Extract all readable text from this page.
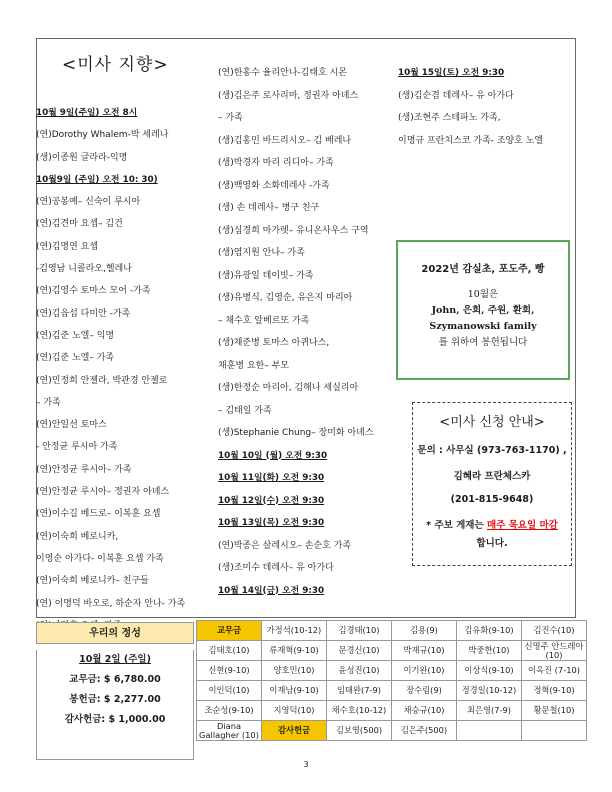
<미사 지향>
10월 9일(주일) 오전 8시
(연)Dorothy Whalem-박 세레나
(생)이종원 글라라-익명
10월9일 (주일) 오전 10: 30)
(연)공봉예– 신숙이 루시아
(연)김견마 요셉– 김건
(연)김명연 요셉
-김영남 니콜라오,헬레나
(연)김영수 토마스 모어 -가족
(연)김읍섭 다미안 -가족
(연)김준 노엘– 익명
(연)김준 노엘– 가족
(연)민정희 안젤라, 박관경 안젤로
– 가족
(연)안일선 토마스
- 안정균 루시아 가족
(연)안정균 루시아– 가족
(연)안정균 루시아– 정권자 아녜스
(연)이수길 베드로– 이복훈 요셉
(연)이숙희 베로니카,
이영순 아가다- 이복훈 요셉 가족
(연)이숙희 베로니카– 친구들
(연) 이명덕 바오로, 하순자 안나- 가족
(연)한홍수 율리안나-김태호 시몬
(생)김은주 로사리마, 정권자 아녜스
– 가족
(생)김홍민 바드리시오– 김 베레나
(생)박경자 마리 리디아– 가족
(생)백영화 소화데레사 -가족
(생) 손 데레사– 병구 친구
(생)심경희 마가렛– 유니온사우스 구역
(생)염지원 안나– 가족
(생)유광일 데이빗– 가족
(생)유병식, 김영순, 유은지 마리아
– 채수호 알베르또 가족
(생)채준병 토마스 아퀴나스,
채훈병 요한– 부모
(생)한정순 마리아, 김해나 세실리아
– 김태일 가족
(생)Stephanie Chung– 장미화 아녜스
10월 10일 (월) 오전 9:30
10월 11일(화) 오전 9:30
10월 12일(수) 오전 9:30
10월 13일(목) 오전 9:30
(연)박종은 살레시오– 손순호 가족
(생)조미수 데레사– 유 아가다
10월 14일(금) 오전 9:30
10월 15일(토) 오전 9:30
(생)김순겸 데레사– 유 아가다
(생)조현주 스테파노 가족,
이명규 프란치스코 가족- 조양호 노엘
2022년 감실초, 포도주, 빵
10월은
John, 은희, 주원, 환희,
Szymanowski family
를 위하여 봉헌됩니다
<미사 신청 안내>
문의 : 사무실 (973-763-1170) ,
김혜라 프란체스카
(201-815-9648)
* 주보 게재는 매주 목요일 마감
합니다.
우리의 정성
10월 2일 (주일)
교무금: $ 6,780.00
봉헌금: $ 2,277.00
감사헌금: $ 1,000.00
교무금	가정석(10-12)	김경태(10)	김용(9)	김유화(9-10)	김진수(10)
김태호(10)	류재혁(9-10)	문경신(10)	박재규(10)	박중한(10)	신명주 안드레아(10)
신현(9-10)	양호민(10)	윤성진(10)	이기완(10)	이상식(9-10)	이옥진 (7-10)
이인덕(10)	이재남(9-10)	임태완(7-9)	장수림(9)	정경일(10-12)	정혁(9-10)
조순성(9-10)	지영덕(10)	채수호(10-12)	채승규(10)	최은영(7-9)	황문철(10)
Diana Gallagher (10)	감사헌금	김보영(500)	김은주(500)		
3
